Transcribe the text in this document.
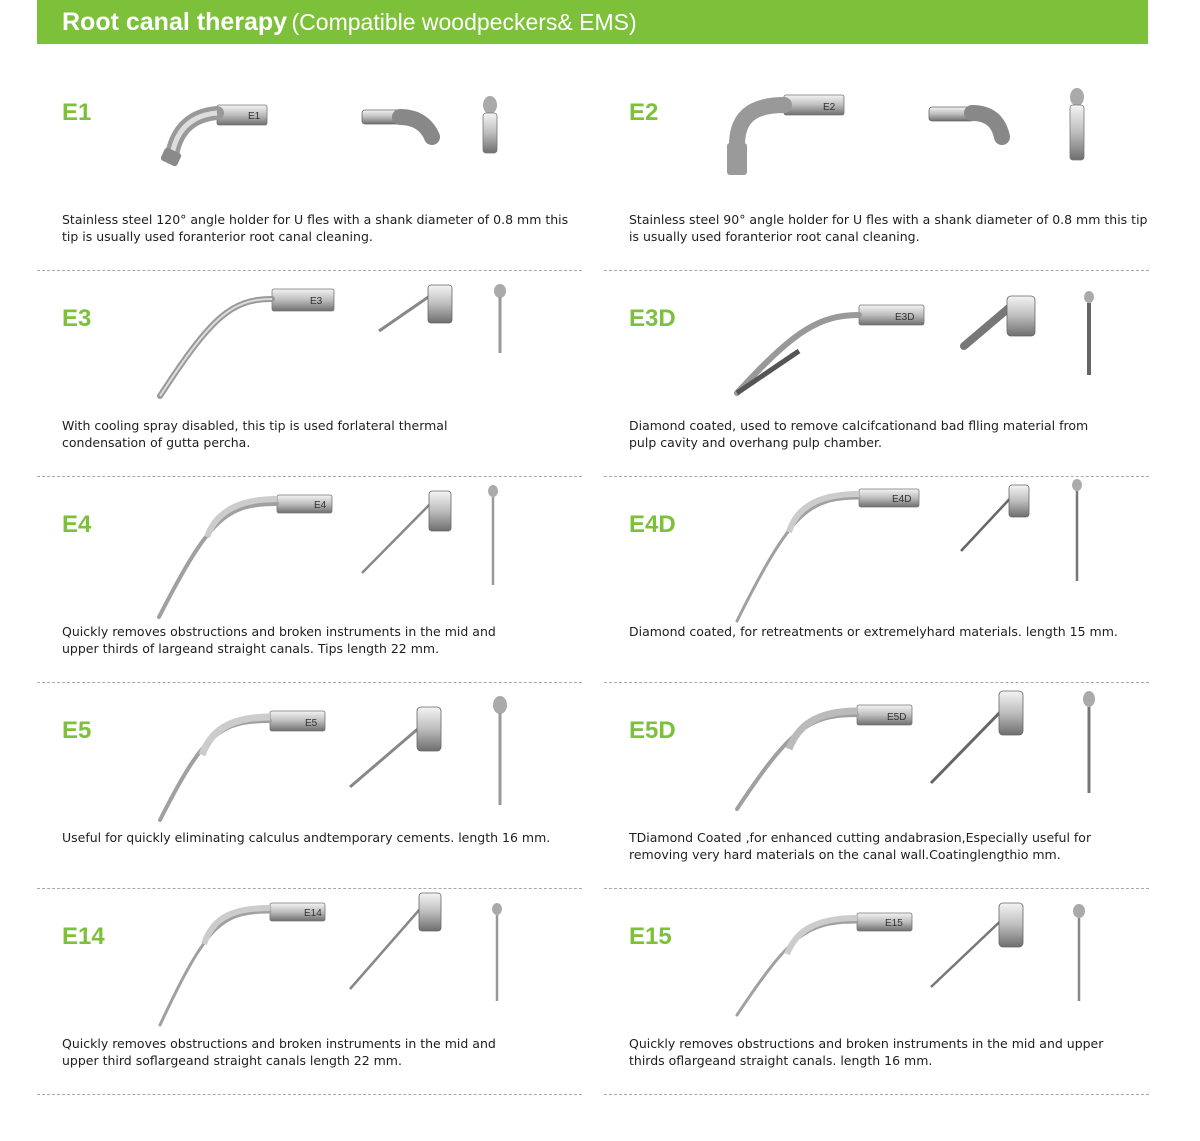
Root canal therapy (Compatible woodpeckers& EMS)
E1	E1
Stainless steel 120° angle holder for U fles with a shank diameter of 0.8 mm this tip is usually used foranterior root canal cleaning.
E2	E2
Stainless steel 90° angle holder for U fles with a shank diameter of 0.8 mm this tip is usually used foranterior root canal cleaning.
E3
E3
With cooling spray disabled, this tip is used forlateral thermal condensation of gutta percha.
E3D	E3D
Diamond coated, used to remove calcifcationand bad flling material from pulp cavity and overhang pulp chamber.
E4
E4
Quickly removes obstructions and broken instruments in the mid and upper thirds of largeand straight canals. Tips length 22 mm.
E4D
E4D
Diamond coated, for retreatments or extremelyhard materials. length 15 mm.
E5	E5
Useful for quickly eliminating calculus andtemporary cements. length 16 mm.
E5D	E5D
TDiamond Coated ,for enhanced cutting andabrasion,Especially useful for removing very hard materials on the canal wall.Coatinglengthio mm.
E14
E14
Quickly removes obstructions and broken instruments in the mid and upper third soflargeand straight canals length 22 mm.
E15	E15
Quickly removes obstructions and broken instruments in the mid and upper thirds oflargeand straight canals. length 16 mm.
